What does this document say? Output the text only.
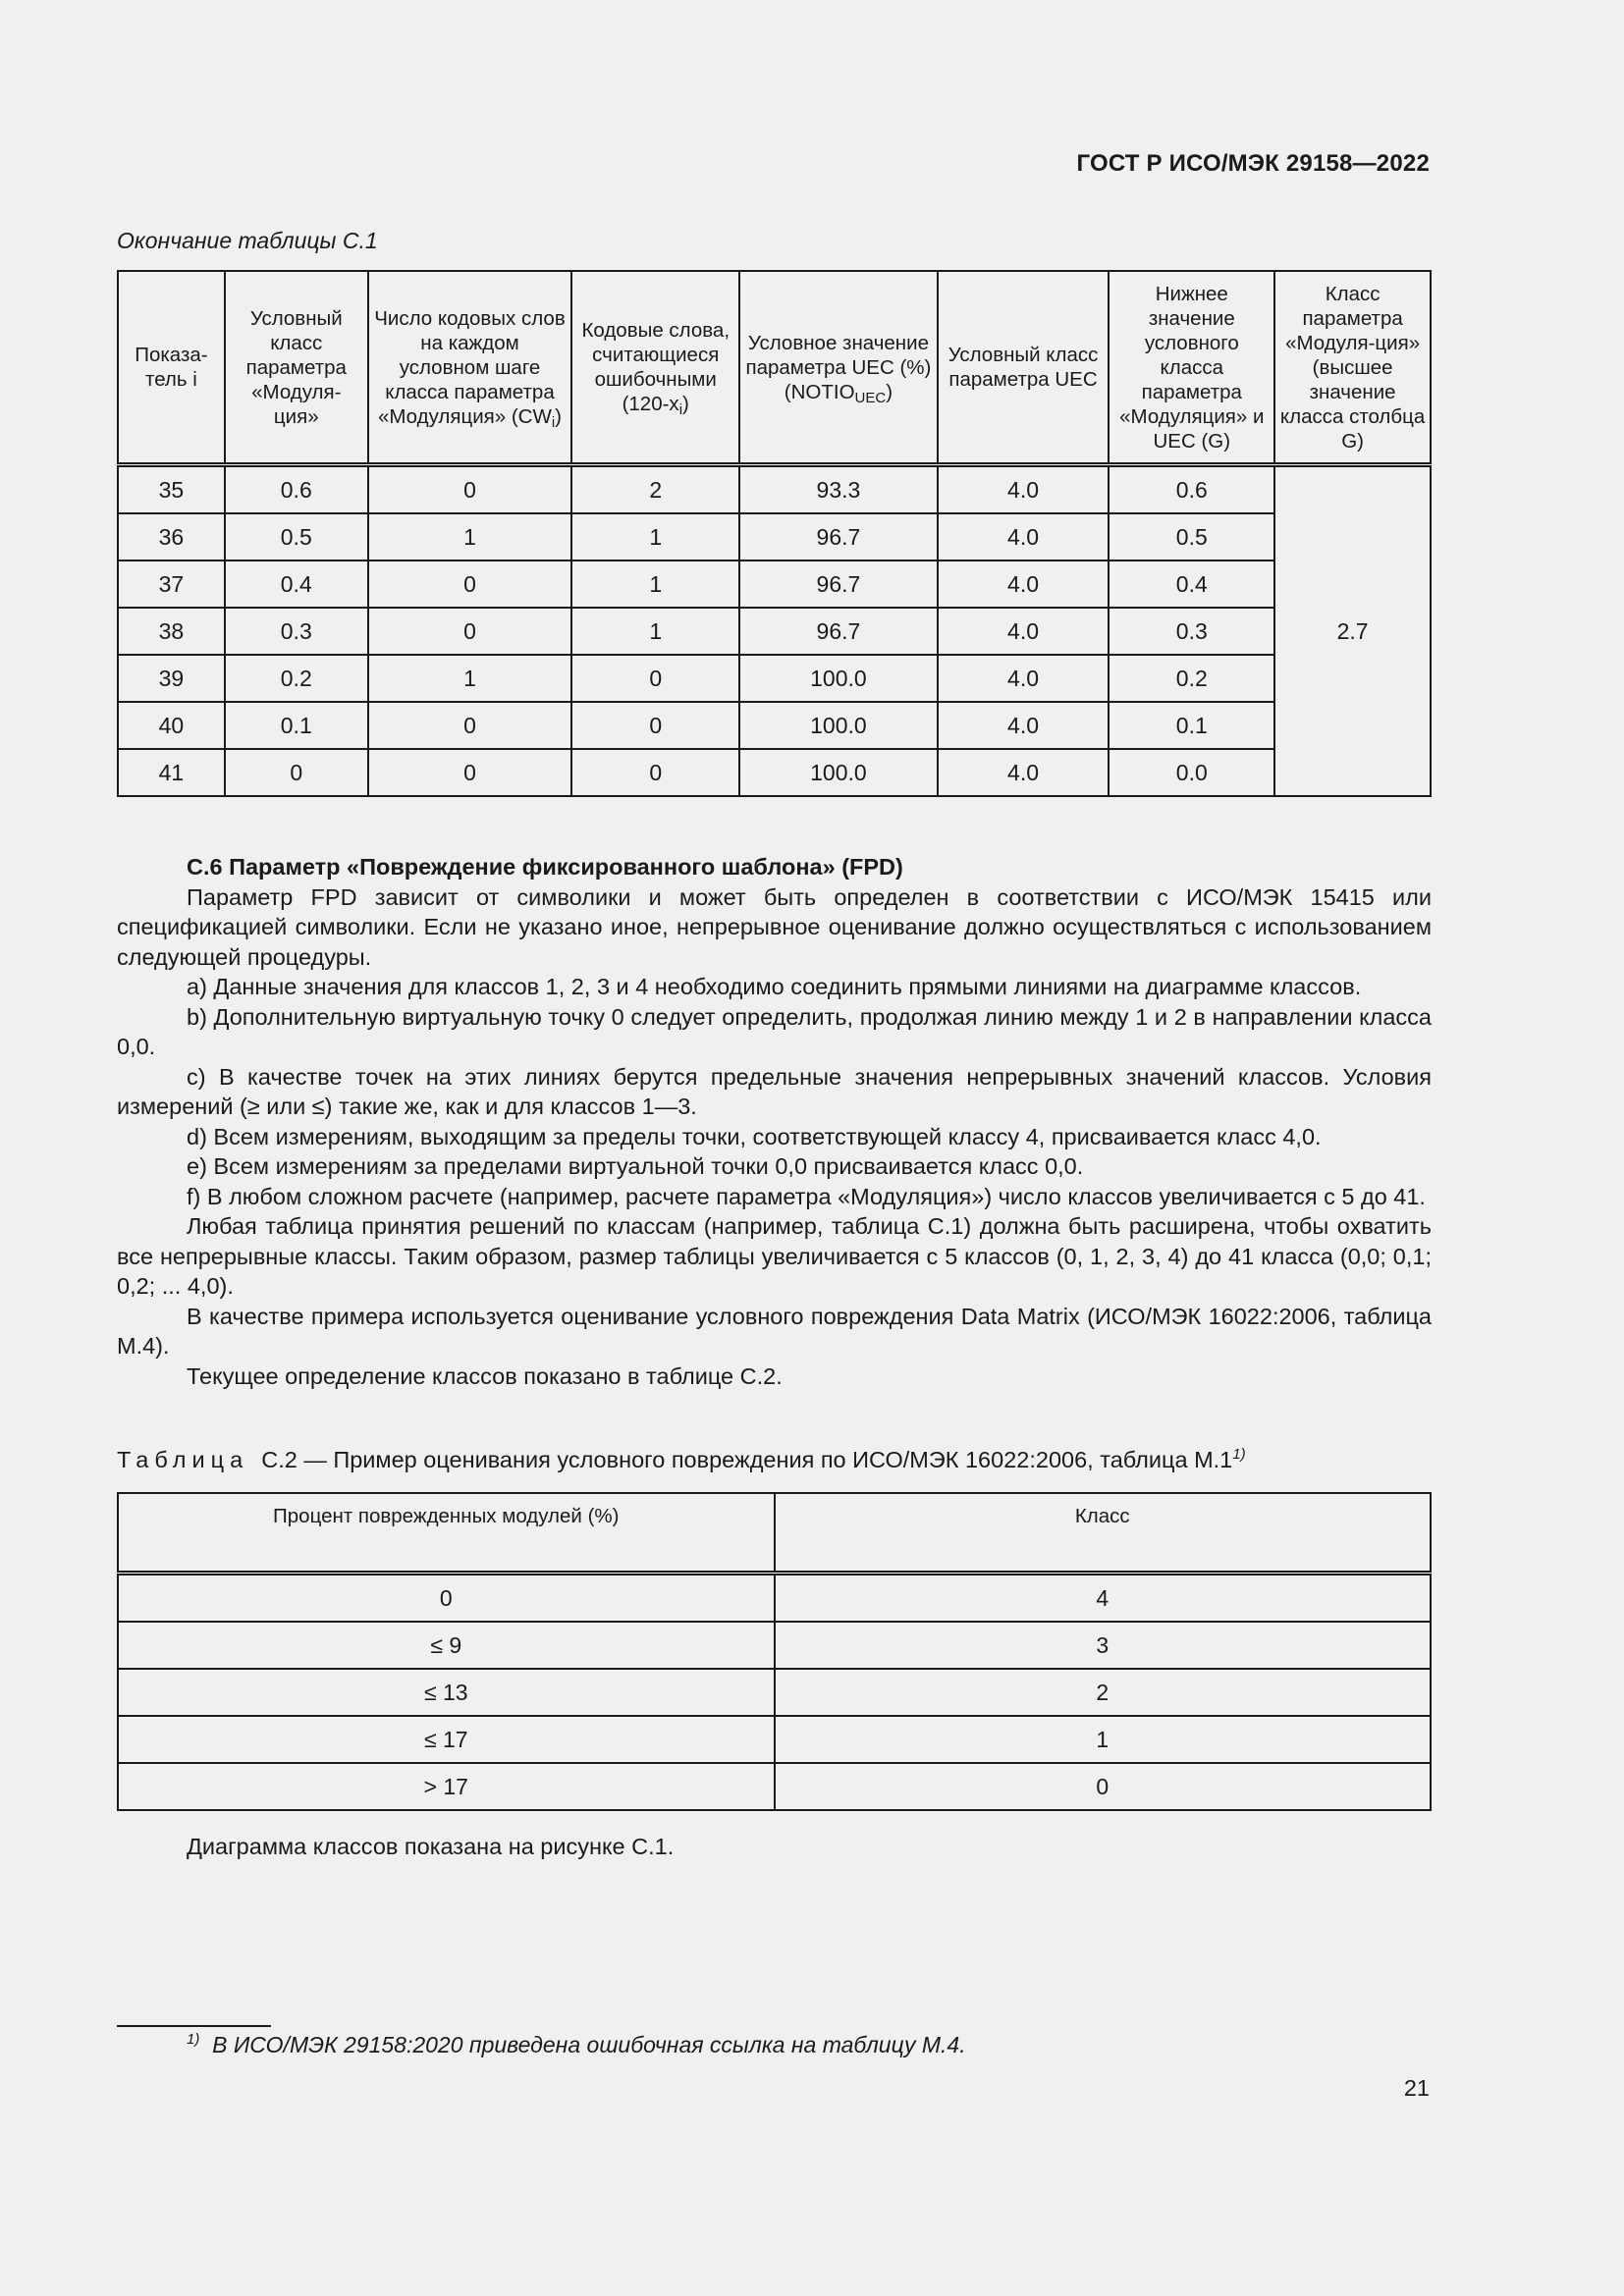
ГОСТ Р ИСО/МЭК 29158—2022
Окончание таблицы С.1
Показа-тель i	Условный класс параметра «Модуля-ция»	Число кодовых слов на каждом условном шаге класса параметра «Модуляция» $(CW_i)$	Кодовые слова, считающиеся ошибочными $(120-x_i)$	Условное значение параметра UEC (%) $(NOTIO_{UEC})$	Условный класс параметра UEC	Нижнее значение условного класса параметра «Модуляция» и UEC (G)	Класс параметра «Модуля-ция» (высшее значение класса столбца G)
35	0.6	0	2	93.3	4.0	0.6	2.7
36	0.5	1	1	96.7	4.0	0.5	
37	0.4	0	1	96.7	4.0	0.4	
38	0.3	0	1	96.7	4.0	0.3	
39	0.2	1	0	100.0	4.0	0.2	
40	0.1	0	0	100.0	4.0	0.1	
41	0	0	0	100.0	4.0	0.0	

С.6 Параметр «Повреждение фиксированного шаблона» (FPD)

Параметр FPD зависит от символики и может быть определен в соответствии с ИСО/МЭК 15415 или спецификацией символики. Если не указано иное, непрерывное оценивание должно осуществляться с использованием следующей процедуры.

a) Данные значения для классов 1, 2, 3 и 4 необходимо соединить прямыми линиями на диаграмме классов.

b) Дополнительную виртуальную точку 0 следует определить, продолжая линию между 1 и 2 в направлении класса 0,0.

c) В качестве точек на этих линиях берутся предельные значения непрерывных значений классов. Условия измерений (≥ или ≤) такие же, как и для классов 1—3.

d) Всем измерениям, выходящим за пределы точки, соответствующей классу 4, присваивается класс 4,0.

e) Всем измерениям за пределами виртуальной точки 0,0 присваивается класс 0,0.

f) В любом сложном расчете (например, расчете параметра «Модуляция») число классов увеличивается с 5 до 41.

Любая таблица принятия решений по классам (например, таблица С.1) должна быть расширена, чтобы охватить все непрерывные классы. Таким образом, размер таблицы увеличивается с 5 классов (0, 1, 2, 3, 4) до 41 класса (0,0; 0,1; 0,2; ... 4,0).

В качестве примера используется оценивание условного повреждения Data Matrix (ИСО/МЭК 16022:2006, таблица М.4).

Текущее определение классов показано в таблице С.2.

Таблица С.2 — Пример оценивания условного повреждения по ИСО/МЭК 16022:2006, таблица М.1$^{1)}$
Процент поврежденных модулей (%)	Класс
0	4
≤ 9	3
≤ 13	2
≤ 17	1
> 17	0
Диаграмма классов показана на рисунке С.1.
$^{1)}$ В ИСО/МЭК 29158:2020 приведена ошибочная ссылка на таблицу М.4.
21
